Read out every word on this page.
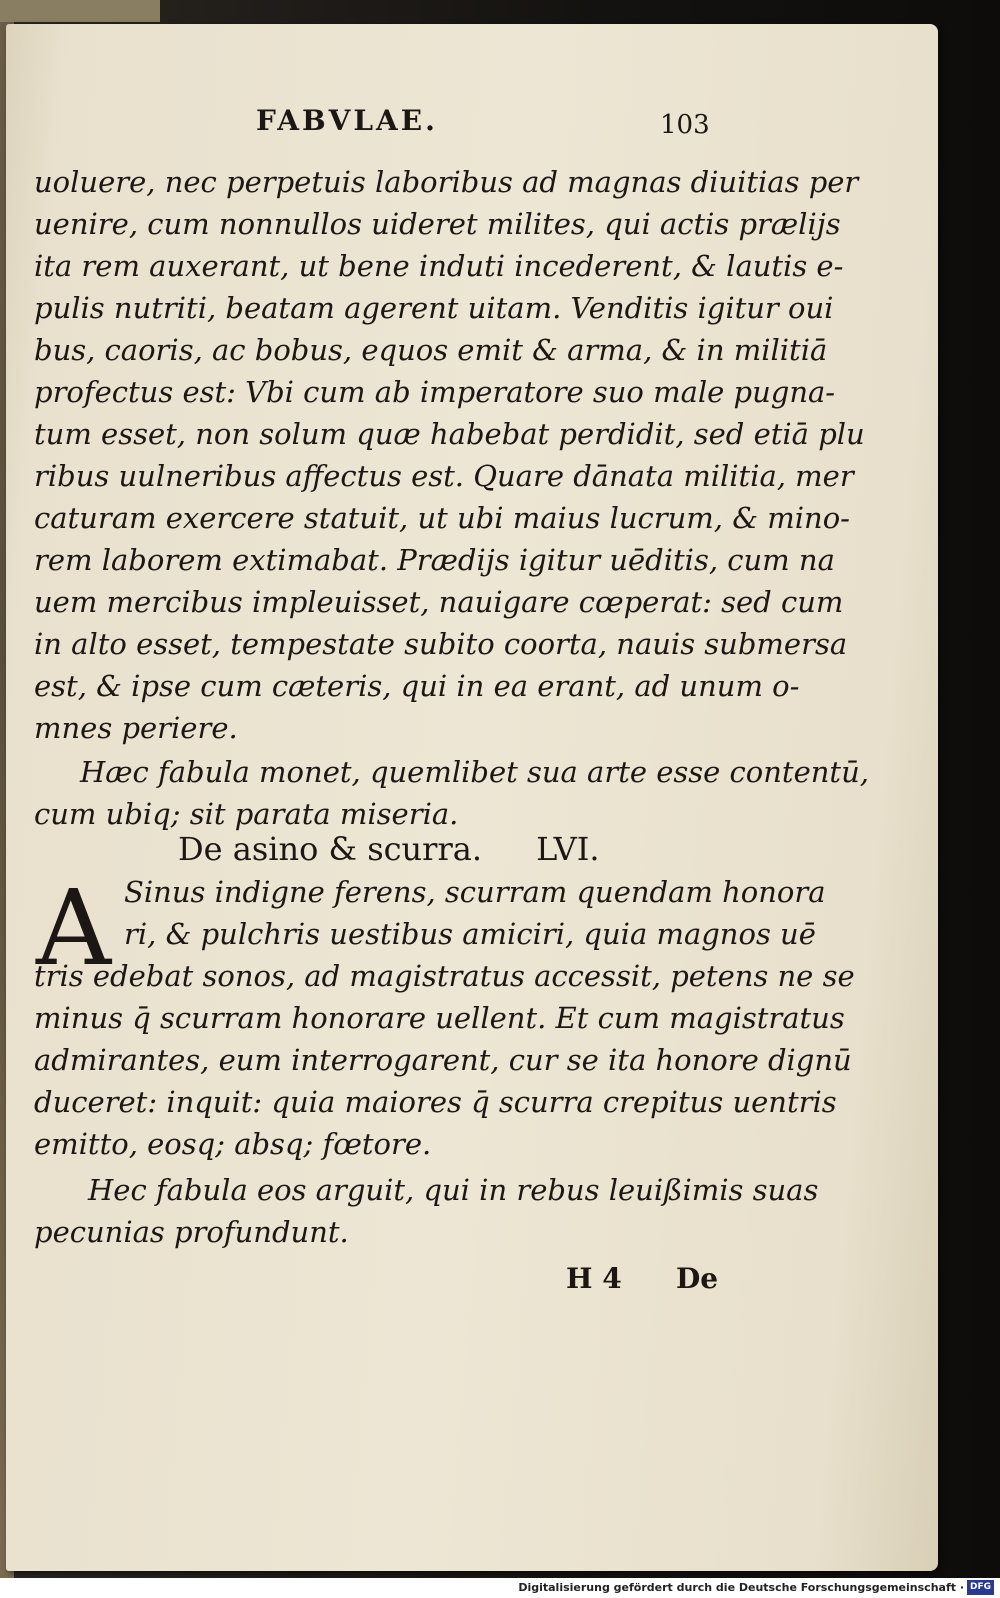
FABVLAE.	103
uoluere, nec perpetuis laboribus ad magnas diuitias per
uenire, cum nonnullos uideret milites, qui actis prælijs
ita rem auxerant, ut bene induti incederent, & lautis e-
pulis nutriti, beatam agerent uitam. Venditis igitur oui
bus, caoris, ac bobus, equos emit & arma, & in militiā
profectus est: Vbi cum ab imperatore suo male pugna-
tum esset, non solum quæ habebat perdidit, sed etiā plu
ribus uulneribus affectus est. Quare dānata militia, mer
caturam exercere statuit, ut ubi maius lucrum, & mino-
rem laborem extimabat. Prædijs igitur uēditis, cum na
uem mercibus impleuisset, nauigare cœperat: sed cum
in alto esset, tempestate subito coorta, nauis submersa
est, & ipse cum cæteris, qui in ea erant, ad unum o-
mnes periere.
Hæc fabula monet, quemlibet sua arte esse contentū,
cum ubiq; sit parata miseria.
De asino & scurra. LVI.
A Sinus indigne ferens, scurram quendam honora
ri, & pulchris uestibus amiciri, quia magnos uē
tris edebat sonos, ad magistratus accessit, petens ne se
minus q̄ scurram honorare uellent. Et cum magistratus
admirantes, eum interrogarent, cur se ita honore dignū
duceret: inquit: quia maiores q̄ scurra crepitus uentris
emitto, eosq; absq; fœtore.
Hec fabula eos arguit, qui in rebus leuißimis suas
pecunias profundunt.
H 4 De
Digitalisierung gefördert durch die Deutsche Forschungsgemeinschaft · DFG
